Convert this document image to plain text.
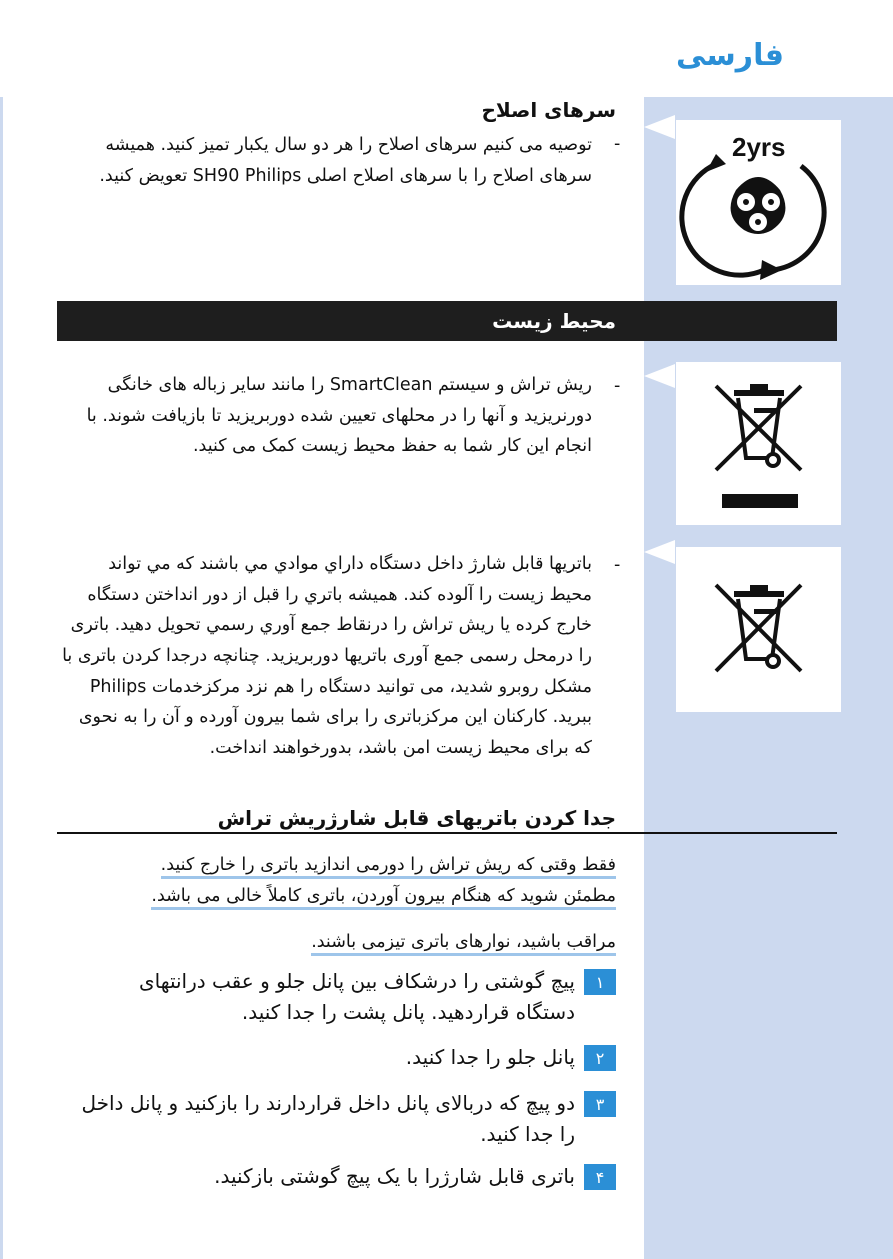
فارسی
سرهای اصلاح
-
توصیه می کنیم سرهای اصلاح را هر دو سال یکبار تمیز کنید. همیشه سرهای اصلاح را با سرهای اصلاح اصلی SH90 Philips تعویض کنید.
2yrs
محیط زیست
-
ریش تراش و سیستم SmartClean را مانند سایر زباله های خانگی دورنریزید و آنها را در محلهای تعیین شده دوربریزید تا بازیافت شوند. با انجام این کار شما به حفظ محیط زیست کمک می کنید.
-
باتریها قابل شارژ داخل دستگاه داراي موادي مي باشند که مي تواند محیط زیست را آلوده کند. همیشه باتري را قبل از دور انداختن دستگاه خارج کرده یا ریش تراش را درنقاط جمع آوري رسمي تحویل دهید. باتری را درمحل رسمی جمع آوری باتریها دوربریزید. چنانچه درجدا کردن باتری با مشکل روبرو شدید، می توانید دستگاه را هم نزد مرکزخدمات Philips ببرید. کارکنان این مرکزباتری را برای شما بیرون آورده و آن را به نحوی که برای محیط زیست امن باشد، بدورخواهند انداخت.
جدا کردن باتریهای قابل شارژریش تراش
فقط وقتی که ریش تراش را دورمی اندازید باتری را خارج کنید.
مطمئن شوید که هنگام بیرون آوردن، باتری کاملاً خالی می باشد.
مراقب باشید، نوارهای باتری تیزمی باشند.
۱
پیچ گوشتی را درشکاف بین پانل جلو و عقب درانتهای دستگاه قراردهید. پانل پشت را جدا کنید.
۲
پانل جلو را جدا کنید.
۳
دو پیچ که دربالای پانل داخل قراردارند را بازکنید و پانل داخل را جدا کنید.
۴
باتری قابل شارژرا با یک پیچ گوشتی بازکنید.
